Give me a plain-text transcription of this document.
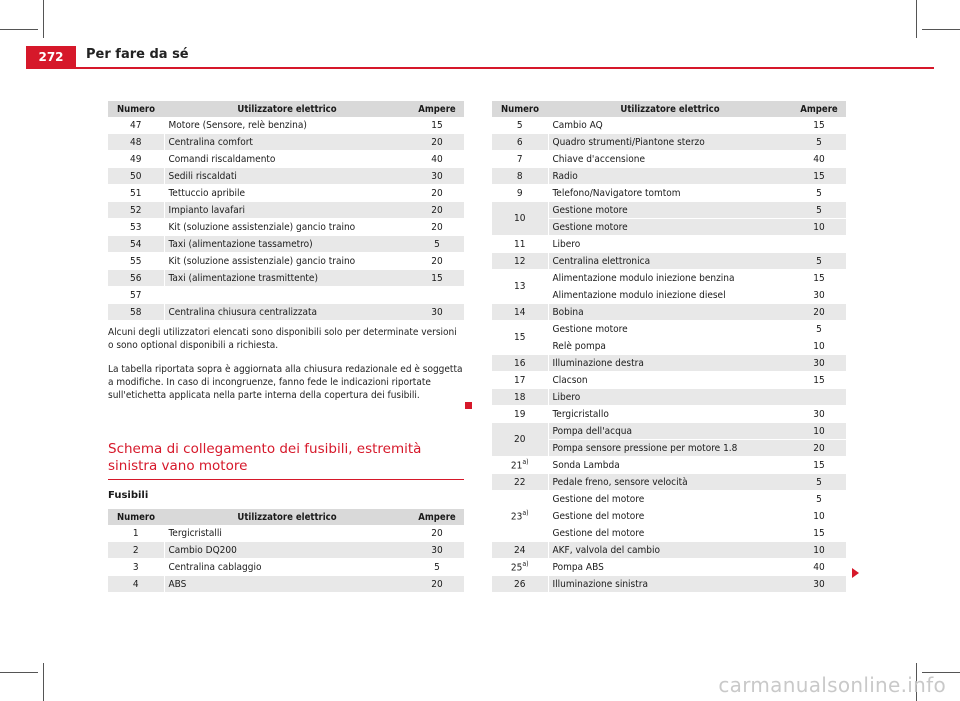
272	Per fare da sé
Numero	Utilizzatore elettrico	Ampere
47	Motore (Sensore, relè benzina)	15
48	Centralina comfort	20
49	Comandi riscaldamento	40
50	Sedili riscaldati	30
51	Tettuccio apribile	20
52	Impianto lavafari	20
53	Kit (soluzione assistenziale) gancio traino	20
54	Taxi (alimentazione tassametro)	5
55	Kit (soluzione assistenziale) gancio traino	20
56	Taxi (alimentazione trasmittente)	15
57		
58	Centralina chiusura centralizzata	30
Alcuni degli utilizzatori elencati sono disponibili solo per determinate versioni o sono optional disponibili a richiesta.
La tabella riportata sopra è aggiornata alla chiusura redazionale ed è soggetta a modifiche. In caso di incongruenze, fanno fede le indicazioni riportate sull'etichetta applicata nella parte interna della copertura dei fusibili.
Schema di collegamento dei fusibili, estremità sinistra vano motore
Fusibili
Numero	Utilizzatore elettrico	Ampere
1	Tergicristalli	20
2	Cambio DQ200	30
3	Centralina cablaggio	5
4	ABS	20
Numero	Utilizzatore elettrico	Ampere
5	Cambio AQ	15
6	Quadro strumenti/Piantone sterzo	5
7	Chiave d'accensione	40
8	Radio	15
9	Telefono/Navigatore tomtom	5
10	Gestione motore	5
	Gestione motore	10
11	Libero	
12	Centralina elettronica	5
13	Alimentazione modulo iniezione benzina	15
	Alimentazione modulo iniezione diesel	30
14	Bobina	20
15	Gestione motore	5
	Relè pompa	10
16	Illuminazione destra	30
17	Clacson	15
18	Libero	
19	Tergicristallo	30
20	Pompa dell'acqua	10
	Pompa sensore pressione per motore 1.8	20
21$^{a)}$	Sonda Lambda	15
22	Pedale freno, sensore velocità	5
23$^{a)}$	Gestione del motore	5
	Gestione del motore	10
	Gestione del motore	15
24	AKF, valvola del cambio	10
25$^{a)}$	Pompa ABS	40
26	Illuminazione sinistra	30
carmanualsonline.info
